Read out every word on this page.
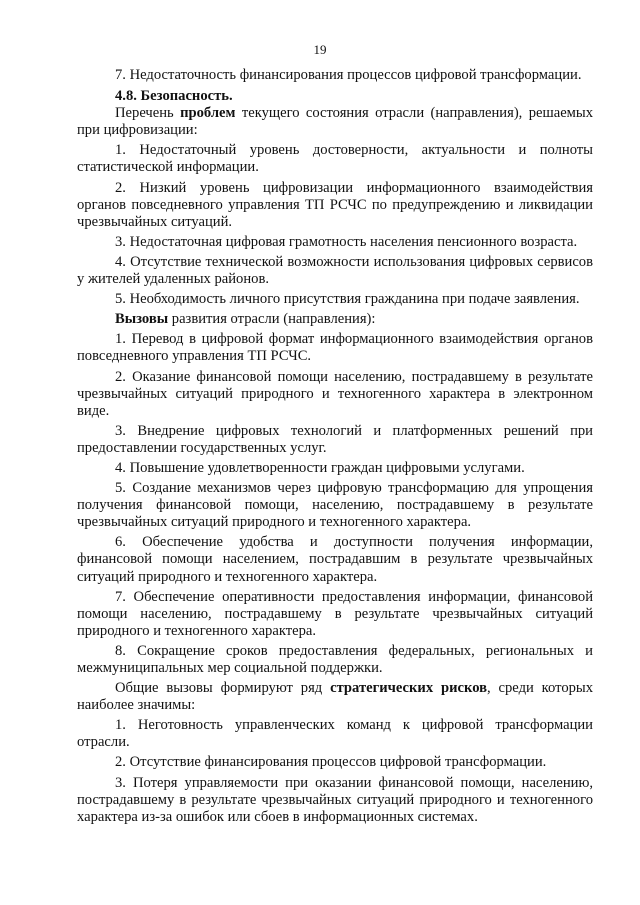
19

7. Недостаточность финансирования процессов цифровой трансформации.

4.8. Безопасность.

Перечень проблем текущего состояния отрасли (направления), решаемых при цифровизации:

1. Недостаточный уровень достоверности, актуальности и полноты статистической информации.

2. Низкий уровень цифровизации информационного взаимодействия органов повседневного управления ТП РСЧС по предупреждению и ликвидации чрезвычайных ситуаций.

3. Недостаточная цифровая грамотность населения пенсионного возраста.

4. Отсутствие технической возможности использования цифровых сервисов у жителей удаленных районов.

5. Необходимость личного присутствия гражданина при подаче заявления.

Вызовы развития отрасли (направления):

1. Перевод в цифровой формат информационного взаимодействия органов повседневного управления ТП РСЧС.

2. Оказание финансовой помощи населению, пострадавшему в результате чрезвычайных ситуаций природного и техногенного характера в электронном виде.

3. Внедрение цифровых технологий и платформенных решений при предоставлении государственных услуг.

4. Повышение удовлетворенности граждан цифровыми услугами.

5. Создание механизмов через цифровую трансформацию для упрощения получения финансовой помощи, населению, пострадавшему в результате чрезвычайных ситуаций природного и техногенного характера.

6. Обеспечение удобства и доступности получения информации, финансовой помощи населением, пострадавшим в результате чрезвычайных ситуаций природного и техногенного характера.

7. Обеспечение оперативности предоставления информации, финансовой помощи населению, пострадавшему в результате чрезвычайных ситуаций природного и техногенного характера.

8. Сокращение сроков предоставления федеральных, региональных и межмуниципальных мер социальной поддержки.

Общие вызовы формируют ряд стратегических рисков, среди которых наиболее значимы:

1. Неготовность управленческих команд к цифровой трансформации отрасли.

2. Отсутствие финансирования процессов цифровой трансформации.

3. Потеря управляемости при оказании финансовой помощи, населению, пострадавшему в результате чрезвычайных ситуаций природного и техногенного характера из-за ошибок или сбоев в информационных системах.
